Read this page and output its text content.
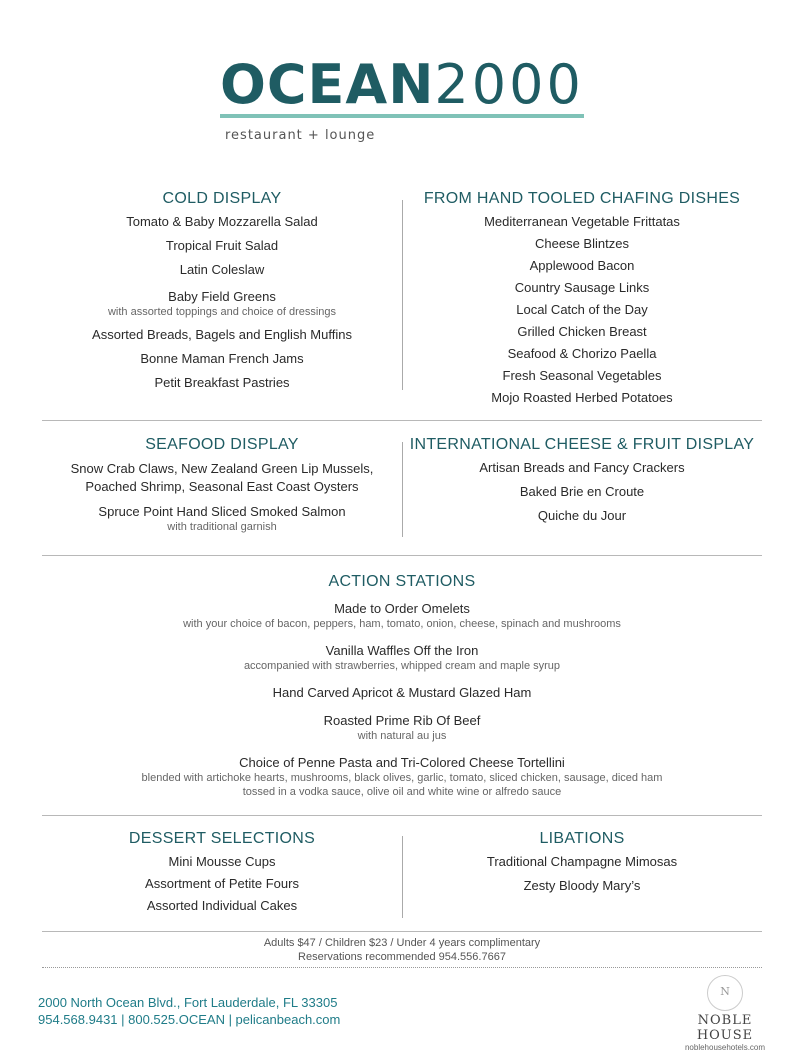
OCEAN2000
restaurant + lounge
COLD DISPLAY
Tomato & Baby Mozzarella Salad
Tropical Fruit Salad
Latin Coleslaw
Baby Field Greens
with assorted toppings and choice of dressings
Assorted Breads, Bagels and English Muffins
Bonne Maman French Jams
Petit Breakfast Pastries
FROM HAND TOOLED CHAFING DISHES
Mediterranean Vegetable Frittatas
Cheese Blintzes
Applewood Bacon
Country Sausage Links
Local Catch of the Day
Grilled Chicken Breast
Seafood & Chorizo Paella
Fresh Seasonal Vegetables
Mojo Roasted Herbed Potatoes
SEAFOOD DISPLAY
Snow Crab Claws, New Zealand Green Lip Mussels,
Poached Shrimp, Seasonal East Coast Oysters
Spruce Point Hand Sliced Smoked Salmon
with traditional garnish
INTERNATIONAL CHEESE & FRUIT DISPLAY
Artisan Breads and Fancy Crackers
Baked Brie en Croute
Quiche du Jour
ACTION STATIONS
Made to Order Omelets
with your choice of bacon, peppers, ham, tomato, onion, cheese, spinach and mushrooms
Vanilla Waffles Off the Iron
accompanied with strawberries, whipped cream and maple syrup
Hand Carved Apricot & Mustard Glazed Ham
Roasted Prime Rib Of Beef
with natural au jus
Choice of Penne Pasta and Tri-Colored Cheese Tortellini
blended with artichoke hearts, mushrooms, black olives, garlic, tomato, sliced chicken, sausage, diced ham
tossed in a vodka sauce, olive oil and white wine or alfredo sauce
DESSERT SELECTIONS
Mini Mousse Cups
Assortment of Petite Fours
Assorted Individual Cakes
LIBATIONS
Traditional Champagne Mimosas
Zesty Bloody Mary’s
Adults $47 / Children $23 / Under 4 years complimentary
Reservations recommended 954.556.7667
2000 North Ocean Blvd., Fort Lauderdale, FL 33305
954.568.9431 | 800.525.OCEAN | pelicanbeach.com
N
NOBLE HOUSE
noblehousehotels.com
